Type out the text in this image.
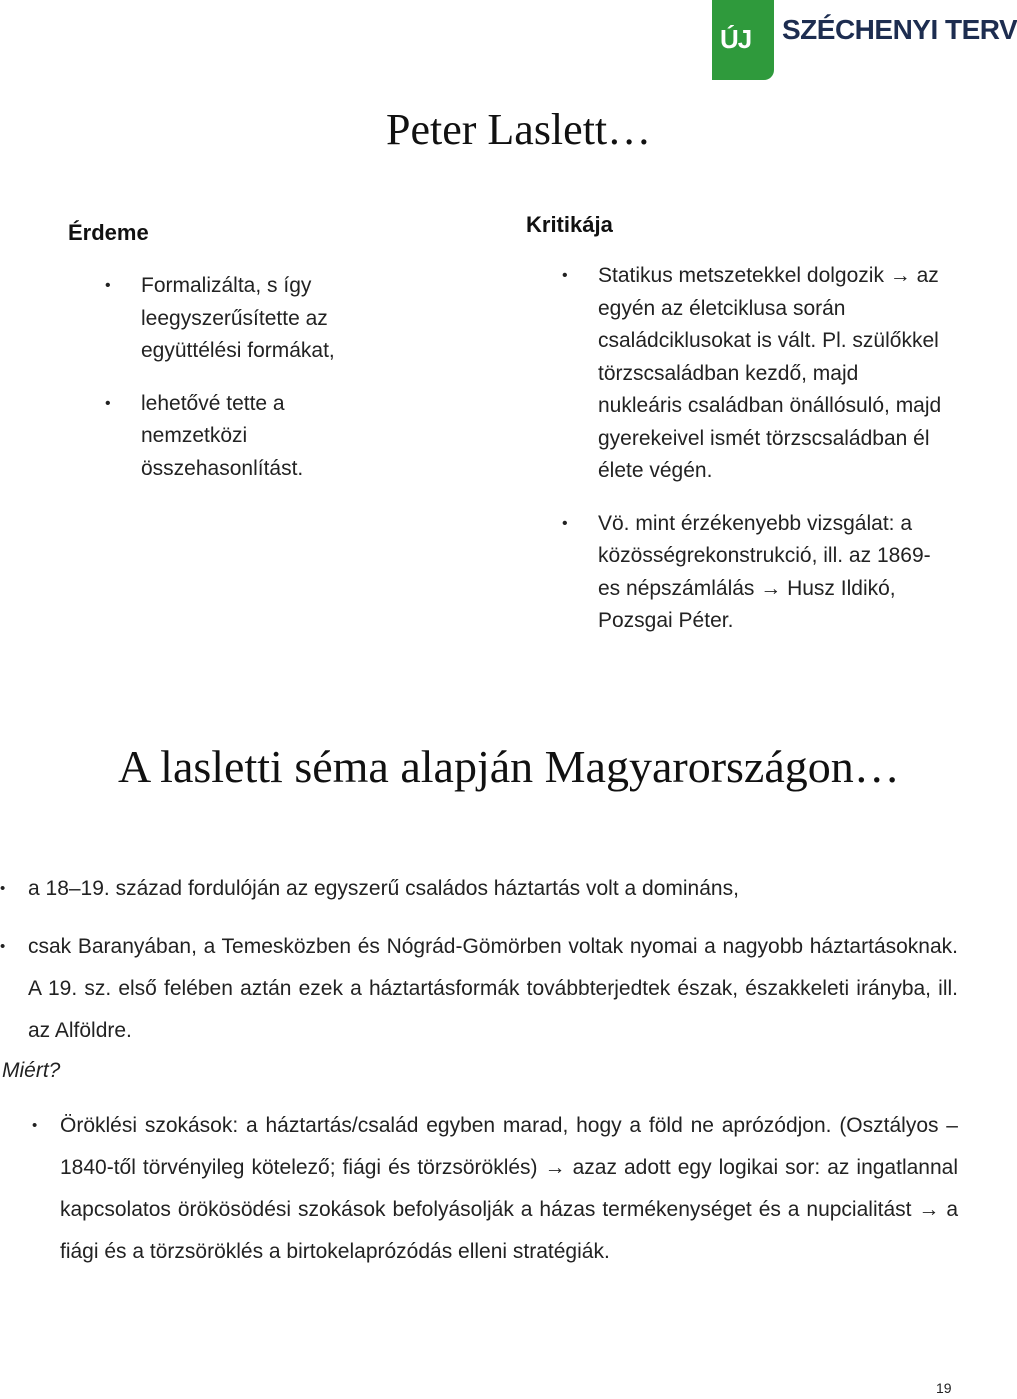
ÚJ SZÉCHENYI TERV
Peter Laslett…
Érdeme
• Formalizálta, s így leegyszerűsítette az együttélési formákat,
• lehetővé tette a nemzetközi összehasonlítást.
Kritikája
• Statikus metszetekkel dolgozik → az egyén az életciklusa során családciklusokat is vált. Pl. szülőkkel törzscsaládban kezdő, majd nukleáris családban önállósuló, majd gyerekeivel ismét törzscsaládban él élete végén.
• Vö. mint érzékenyebb vizsgálat: a közösségrekonstrukció, ill. az 1869-es népszámlálás → Husz Ildikó, Pozsgai Péter.
A lasletti séma alapján Magyarországon…
• a 18–19. század fordulóján az egyszerű családos háztartás volt a domináns,
• csak Baranyában, a Temesközben és Nógrád-Gömörben voltak nyomai a nagyobb háztartásoknak. A 19. sz. első felében aztán ezek a háztartásformák továbbterjedtek észak, északkeleti irányba, ill. az Alföldre.
Miért?
• Öröklési szokások: a háztartás/család egyben marad, hogy a föld ne aprózódjon. (Osztályos – 1840-től törvényileg kötelező; fiági és törzsöröklés) → azaz adott egy logikai sor: az ingatlannal kapcsolatos örökösödési szokások befolyásolják a házas termékenységet és a nupcialitást → a fiági és a törzsöröklés a birtokelaprózódás elleni stratégiák.
19
